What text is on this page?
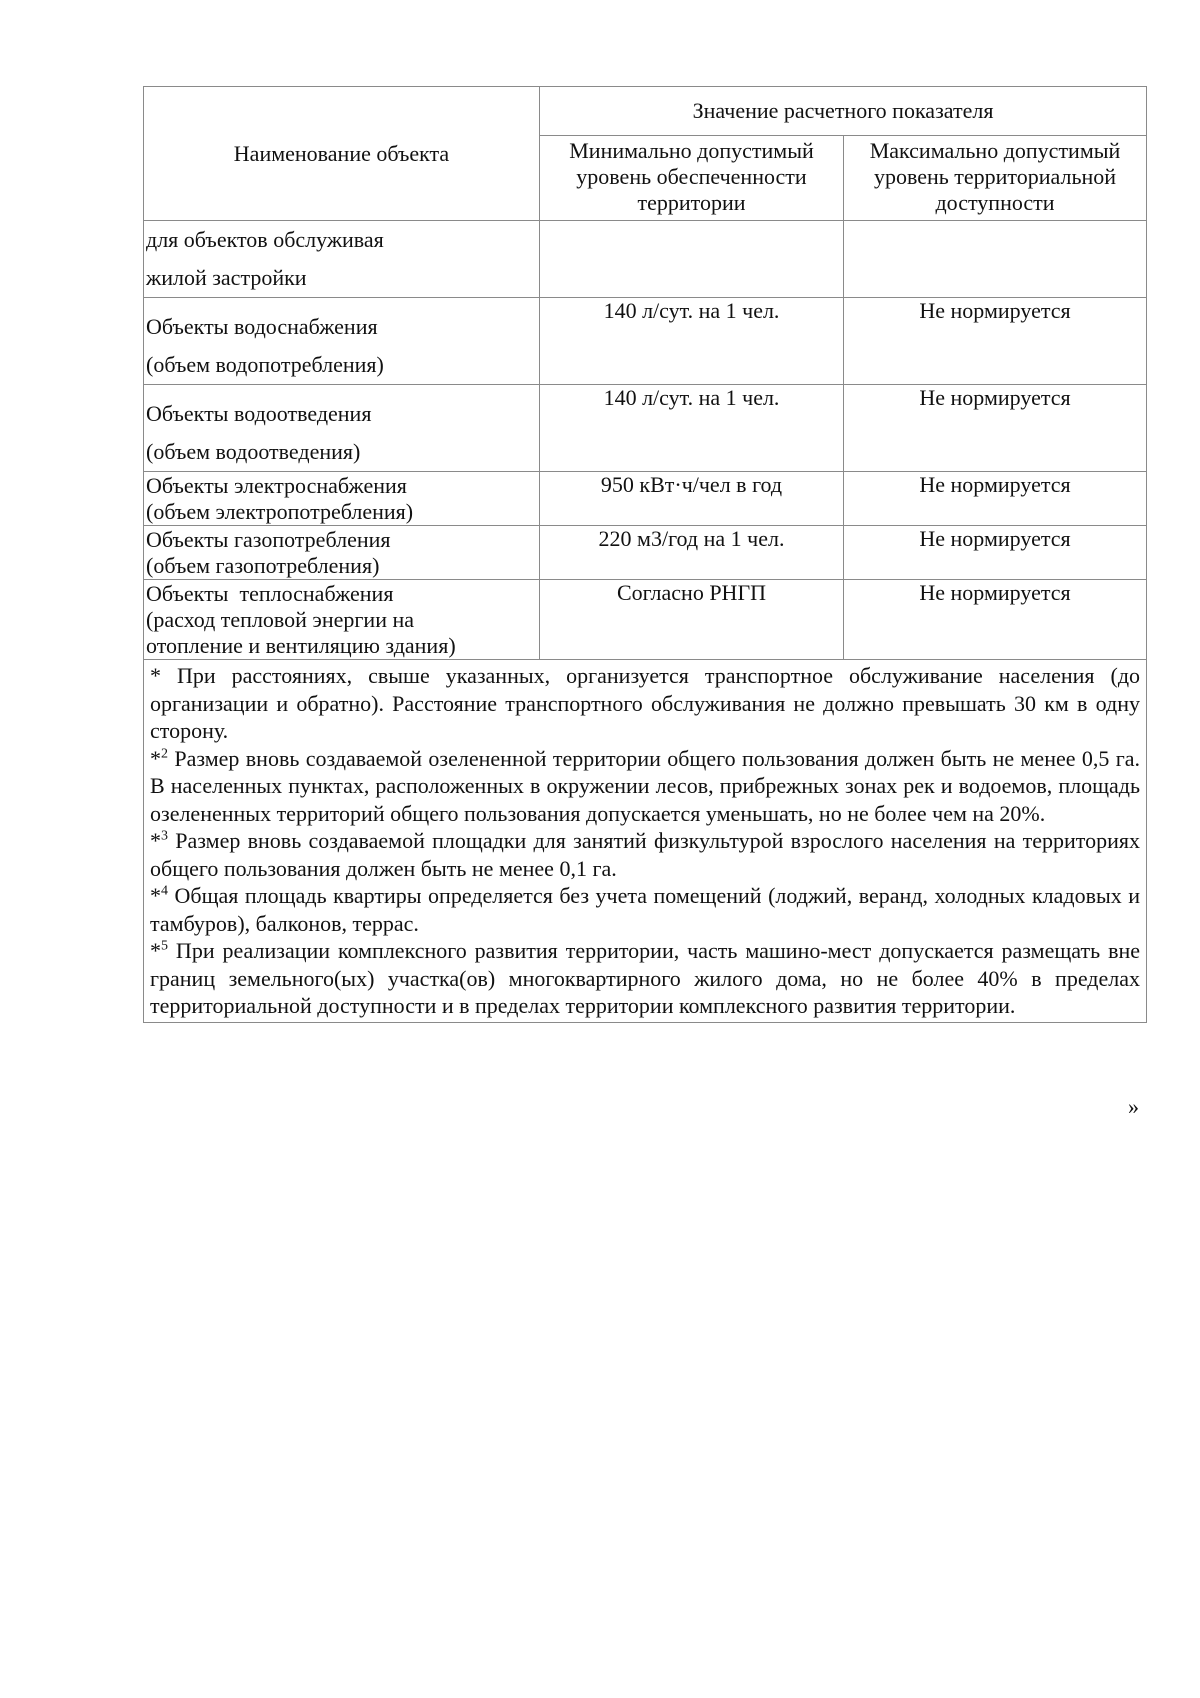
Наименование объекта	Значение расчетного показателя	
	Минимально допустимый уровень обеспеченности территории	Максимально допустимый уровень территориальной доступности

для объектов обслуживая
жилой застройки		

Объекты водоснабжения
(объем водопотребления)	140 л/сут. на 1 чел.	Не нормируется

Объекты водоотведения
(объем водоотведения)	140 л/сут. на 1 чел.	Не нормируется

Объекты электроснабжения
(объем электропотребления)	950 кВт·ч/чел в год	Не нормируется

Объекты газопотребления
(объем газопотребления)	220 м3/год на 1 чел.	Не нормируется

Объекты  теплоснабжения
(расход тепловой энергии на
отопление и вентиляцию здания)	Согласно РНГП	Не нормируется

* При расстояниях, свыше указанных, организуется транспортное обслуживание населения (до организации и обратно). Расстояние транспортного обслуживания не должно превышать 30 км в одну сторону.

*$^2$ Размер вновь создаваемой озелененной территории общего пользования должен быть не менее 0,5 га. В населенных пунктах, расположенных в окружении лесов, прибрежных зонах рек и водоемов, площадь озелененных территорий общего пользования допускается уменьшать, но не более чем на 20%.

*$^3$ Размер вновь создаваемой площадки для занятий физкультурой взрослого населения на территориях общего пользования должен быть не менее 0,1 га.

*$^4$ Общая площадь квартиры определяется без учета помещений (лоджий, веранд, холодных кладовых и тамбуров), балконов, террас.

*$^5$ При реализации комплексного развития территории, часть машино-мест допускается размещать вне границ земельного(ых) участка(ов) многоквартирного жилого дома, но не более 40% в пределах территориальной доступности и в пределах территории комплексного развития территории.		

»
